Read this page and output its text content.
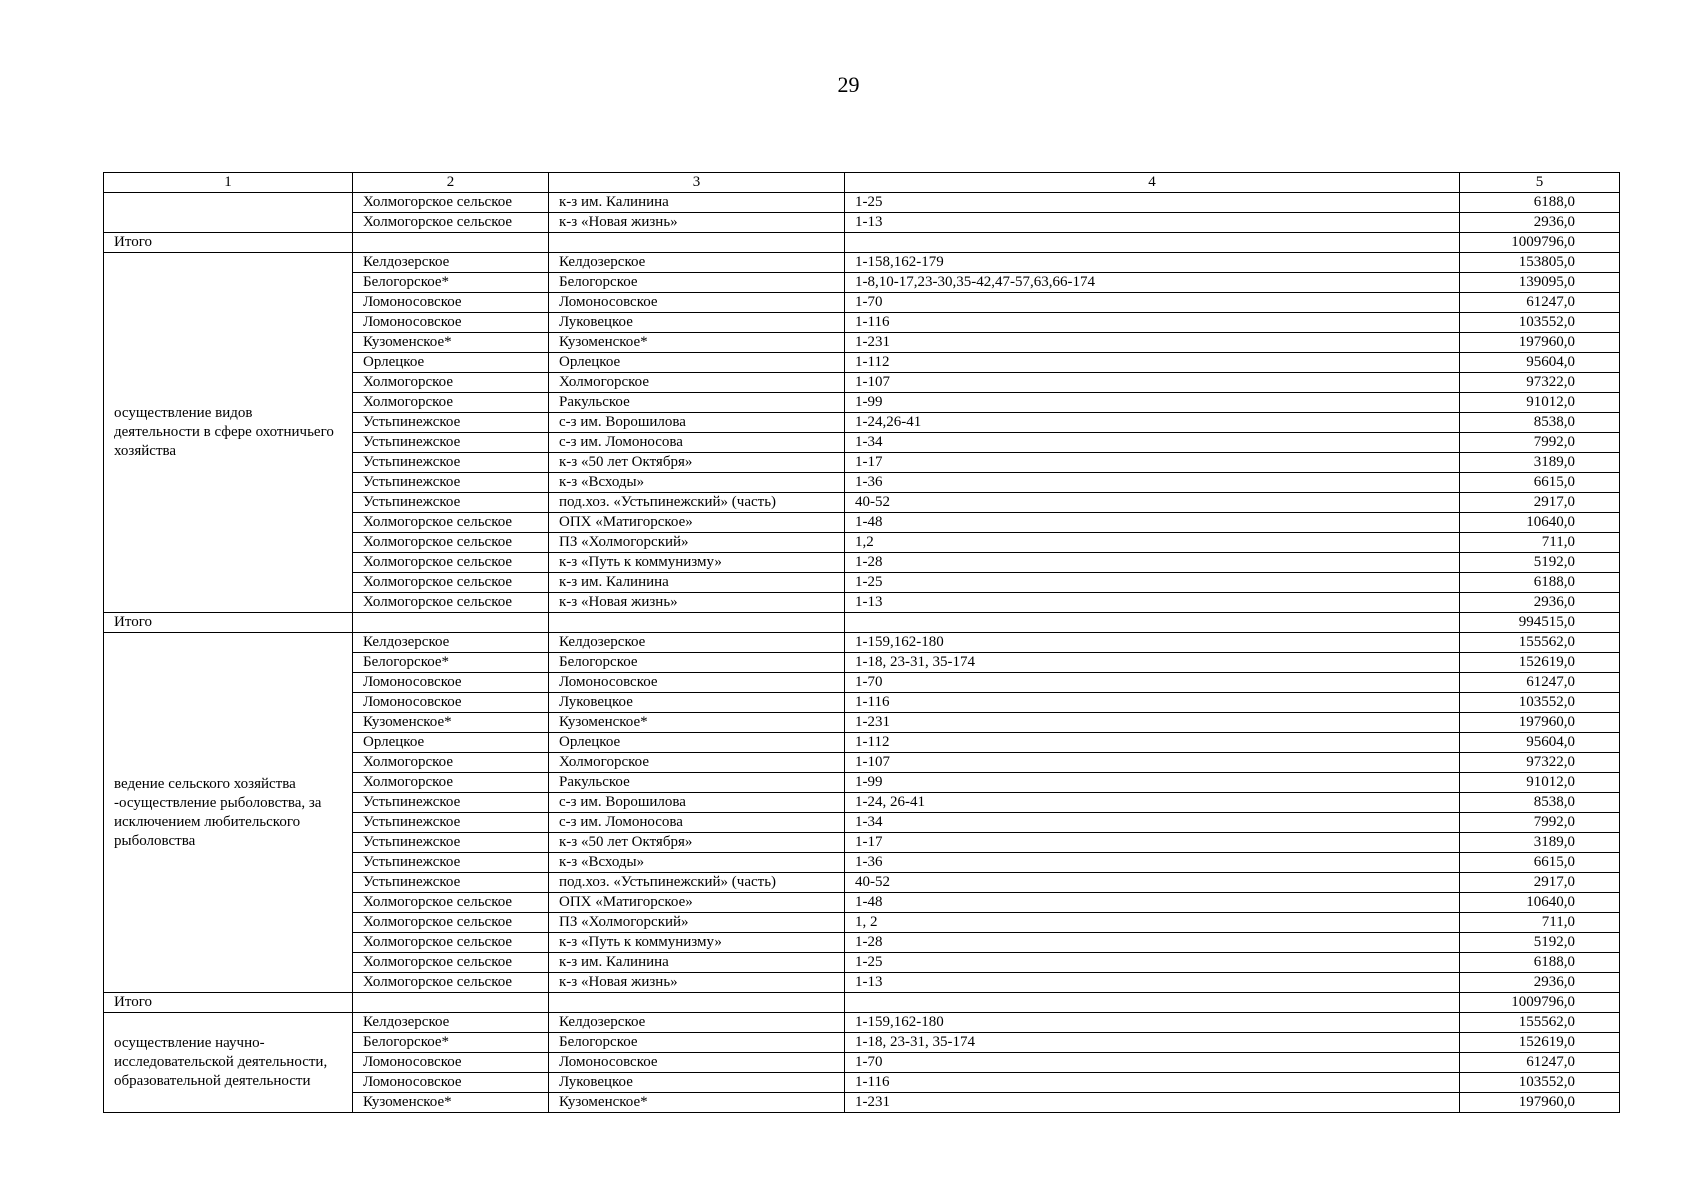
29
1	2	3	4	5
	Холмогорское сельское	к-з им. Калинина	1-25	6188,0
	Холмогорское сельское	к-з «Новая жизнь»	1-13	2936,0
Итого				1009796,0
осуществление видов деятельности в сфере охотничьего хозяйства	Келдозерское	Келдозерское	1-158,162-179	153805,0
	Белогорское*	Белогорское	1-8,10-17,23-30,35-42,47-57,63,66-174	139095,0
	Ломоносовское	Ломоносовское	1-70	61247,0
	Ломоносовское	Луковецкое	1-116	103552,0
	Кузоменское*	Кузоменское*	1-231	197960,0
	Орлецкое	Орлецкое	1-112	95604,0
	Холмогорское	Холмогорское	1-107	97322,0
	Холмогорское	Ракульское	1-99	91012,0
	Устьпинежское	с-з им. Ворошилова	1-24,26-41	8538,0
	Устьпинежское	с-з им. Ломоносова	1-34	7992,0
	Устьпинежское	к-з «50 лет Октября»	1-17	3189,0
	Устьпинежское	к-з «Всходы»	1-36	6615,0
	Устьпинежское	под.хоз. «Устьпинежский» (часть)	40-52	2917,0
	Холмогорское сельское	ОПХ «Матигорское»	1-48	10640,0
	Холмогорское сельское	ПЗ «Холмогорский»	1,2	711,0
	Холмогорское сельское	к-з «Путь к коммунизму»	1-28	5192,0
	Холмогорское сельское	к-з им. Калинина	1-25	6188,0
	Холмогорское сельское	к-з «Новая жизнь»	1-13	2936,0
Итого				994515,0
ведение сельского хозяйства -осуществление рыболовства, за исключением любительского рыболовства	Келдозерское	Келдозерское	1-159,162-180	155562,0
	Белогорское*	Белогорское	1-18, 23-31, 35-174	152619,0
	Ломоносовское	Ломоносовское	1-70	61247,0
	Ломоносовское	Луковецкое	1-116	103552,0
	Кузоменское*	Кузоменское*	1-231	197960,0
	Орлецкое	Орлецкое	1-112	95604,0
	Холмогорское	Холмогорское	1-107	97322,0
	Холмогорское	Ракульское	1-99	91012,0
	Устьпинежское	с-з им. Ворошилова	1-24, 26-41	8538,0
	Устьпинежское	с-з им. Ломоносова	1-34	7992,0
	Устьпинежское	к-з «50 лет Октября»	1-17	3189,0
	Устьпинежское	к-з «Всходы»	1-36	6615,0
	Устьпинежское	под.хоз. «Устьпинежский» (часть)	40-52	2917,0
	Холмогорское сельское	ОПХ «Матигорское»	1-48	10640,0
	Холмогорское сельское	ПЗ «Холмогорский»	1, 2	711,0
	Холмогорское сельское	к-з «Путь к коммунизму»	1-28	5192,0
	Холмогорское сельское	к-з им. Калинина	1-25	6188,0
	Холмогорское сельское	к-з «Новая жизнь»	1-13	2936,0
Итого				1009796,0
осуществление научно-исследовательской деятельности, образовательной деятельности	Келдозерское	Келдозерское	1-159,162-180	155562,0
	Белогорское*	Белогорское	1-18, 23-31, 35-174	152619,0
	Ломоносовское	Ломоносовское	1-70	61247,0
	Ломоносовское	Луковецкое	1-116	103552,0
	Кузоменское*	Кузоменское*	1-231	197960,0
